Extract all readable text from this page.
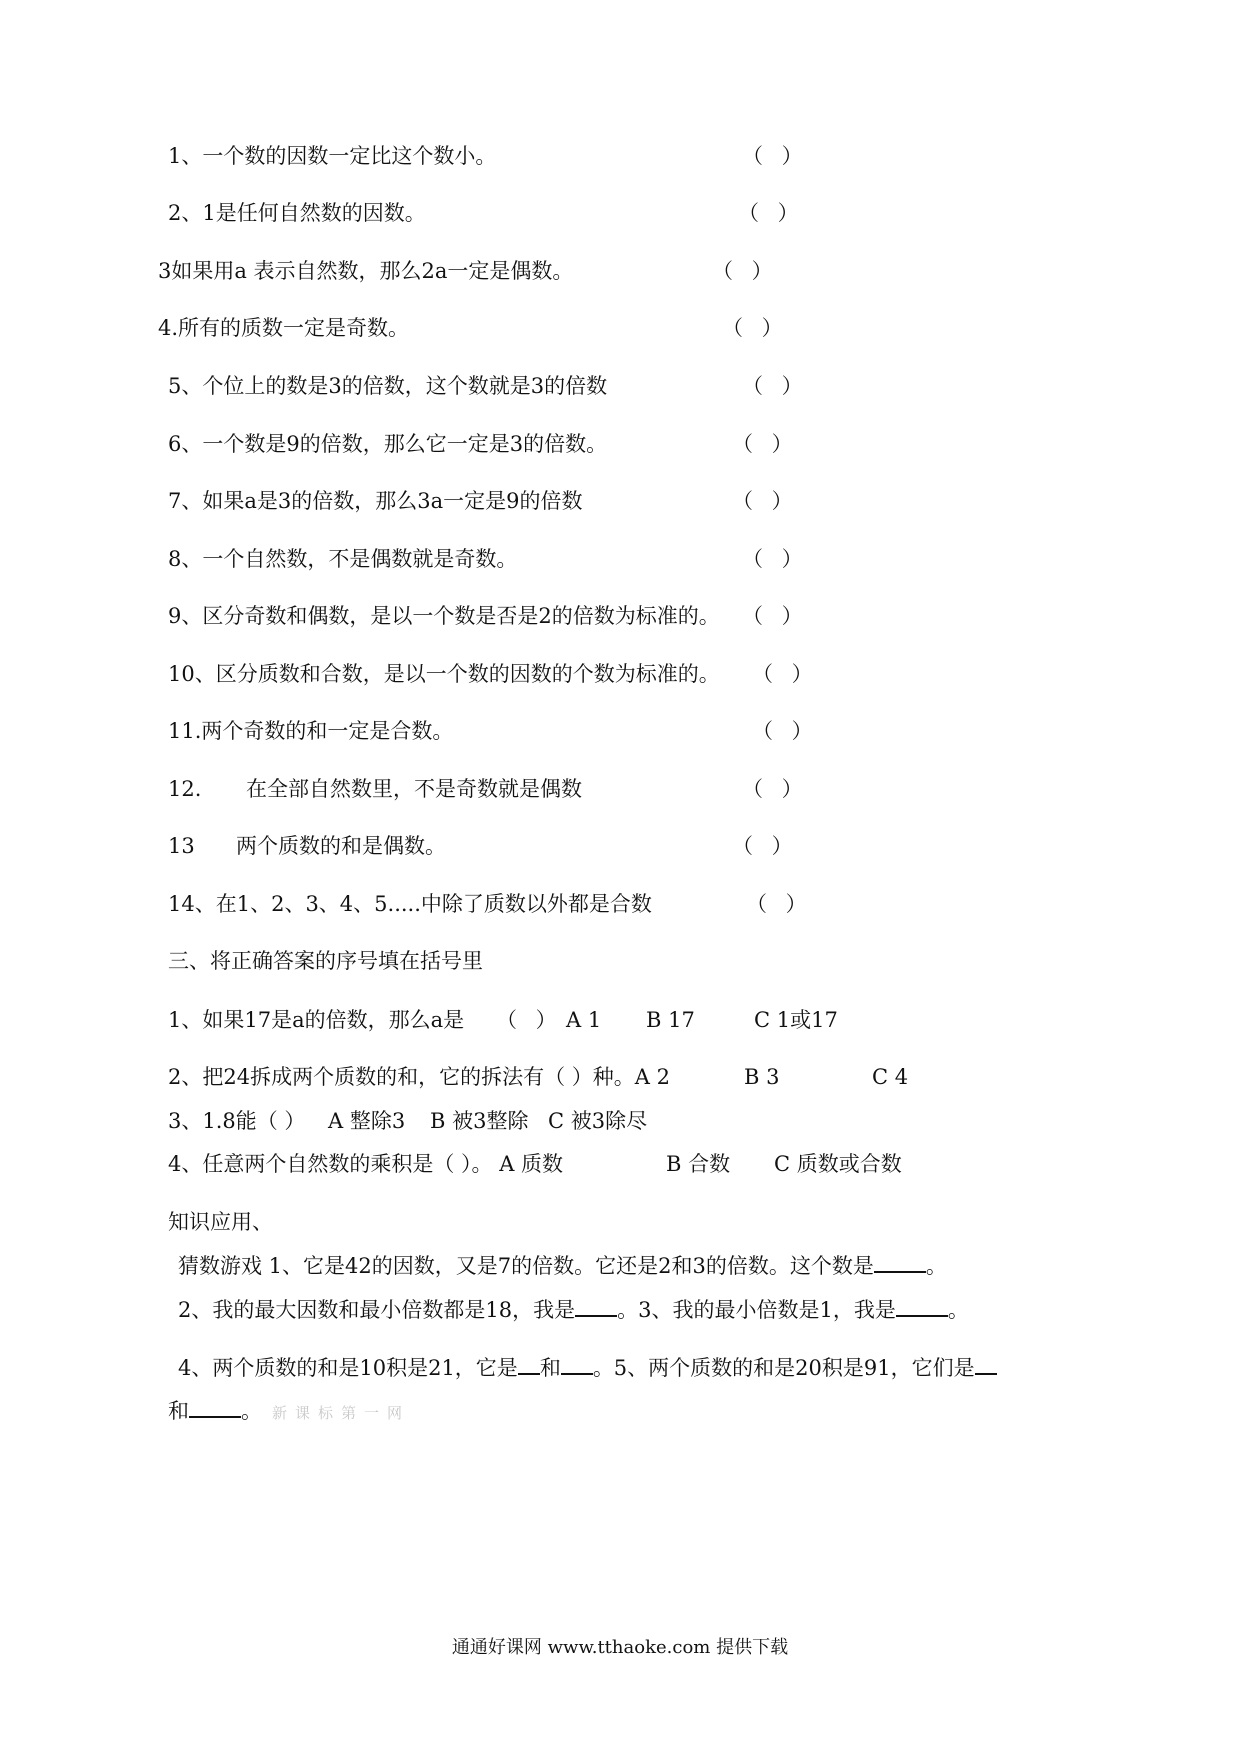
1、一个数的因数一定比这个数小。	（ ）
2、1是任何自然数的因数。	（ ）
3如果用a 表示自然数，那么2a一定是偶数。	（ ）
4.所有的质数一定是奇数。	（ ）
5、个位上的数是3的倍数，这个数就是3的倍数	（ ）
6、一个数是9的倍数，那么它一定是3的倍数。	（ ）
7、如果a是3的倍数，那么3a一定是9的倍数	（ ）
8、一个自然数，不是偶数就是奇数。	（ ）
9、区分奇数和偶数，是以一个数是否是2的倍数为标准的。 （ ）
10、区分质数和合数，是以一个数的因数的个数为标准的。 （ ）
11.两个奇数的和一定是合数。	（ ）
12. 在全部自然数里，不是奇数就是偶数	（ ）
13 两个质数的和是偶数。	（ ）
14、在1、2、3、4、5.....中除了质数以外都是合数	（ ）
三、将正确答案的序号填在括号里
1、如果17是a的倍数，那么a是 （ ） A 1 B 17	C 1或17
2、把24拆成两个质数的和，它的拆法有（ ）种。A 2	B 3	C 4
3、1.8能（ ） A 整除3 B 被3整除 C 被3除尽
4、任意两个自然数的乘积是（ ）。 A 质数	B 合数 C 质数或合数
知识应用、
猜数游戏 1、它是42的因数，又是7的倍数。它还是2和3的倍数。这个数是 。
2、我的最大因数和最小倍数都是18，我是 。3、我的最小倍数是1，我是 。
4、两个质数的和是10积是21，它是 和 。5、两个质数的和是20积是91，它们是
和 。 新课标第一网
通通好课网 www.tthaoke.com 提供下载
